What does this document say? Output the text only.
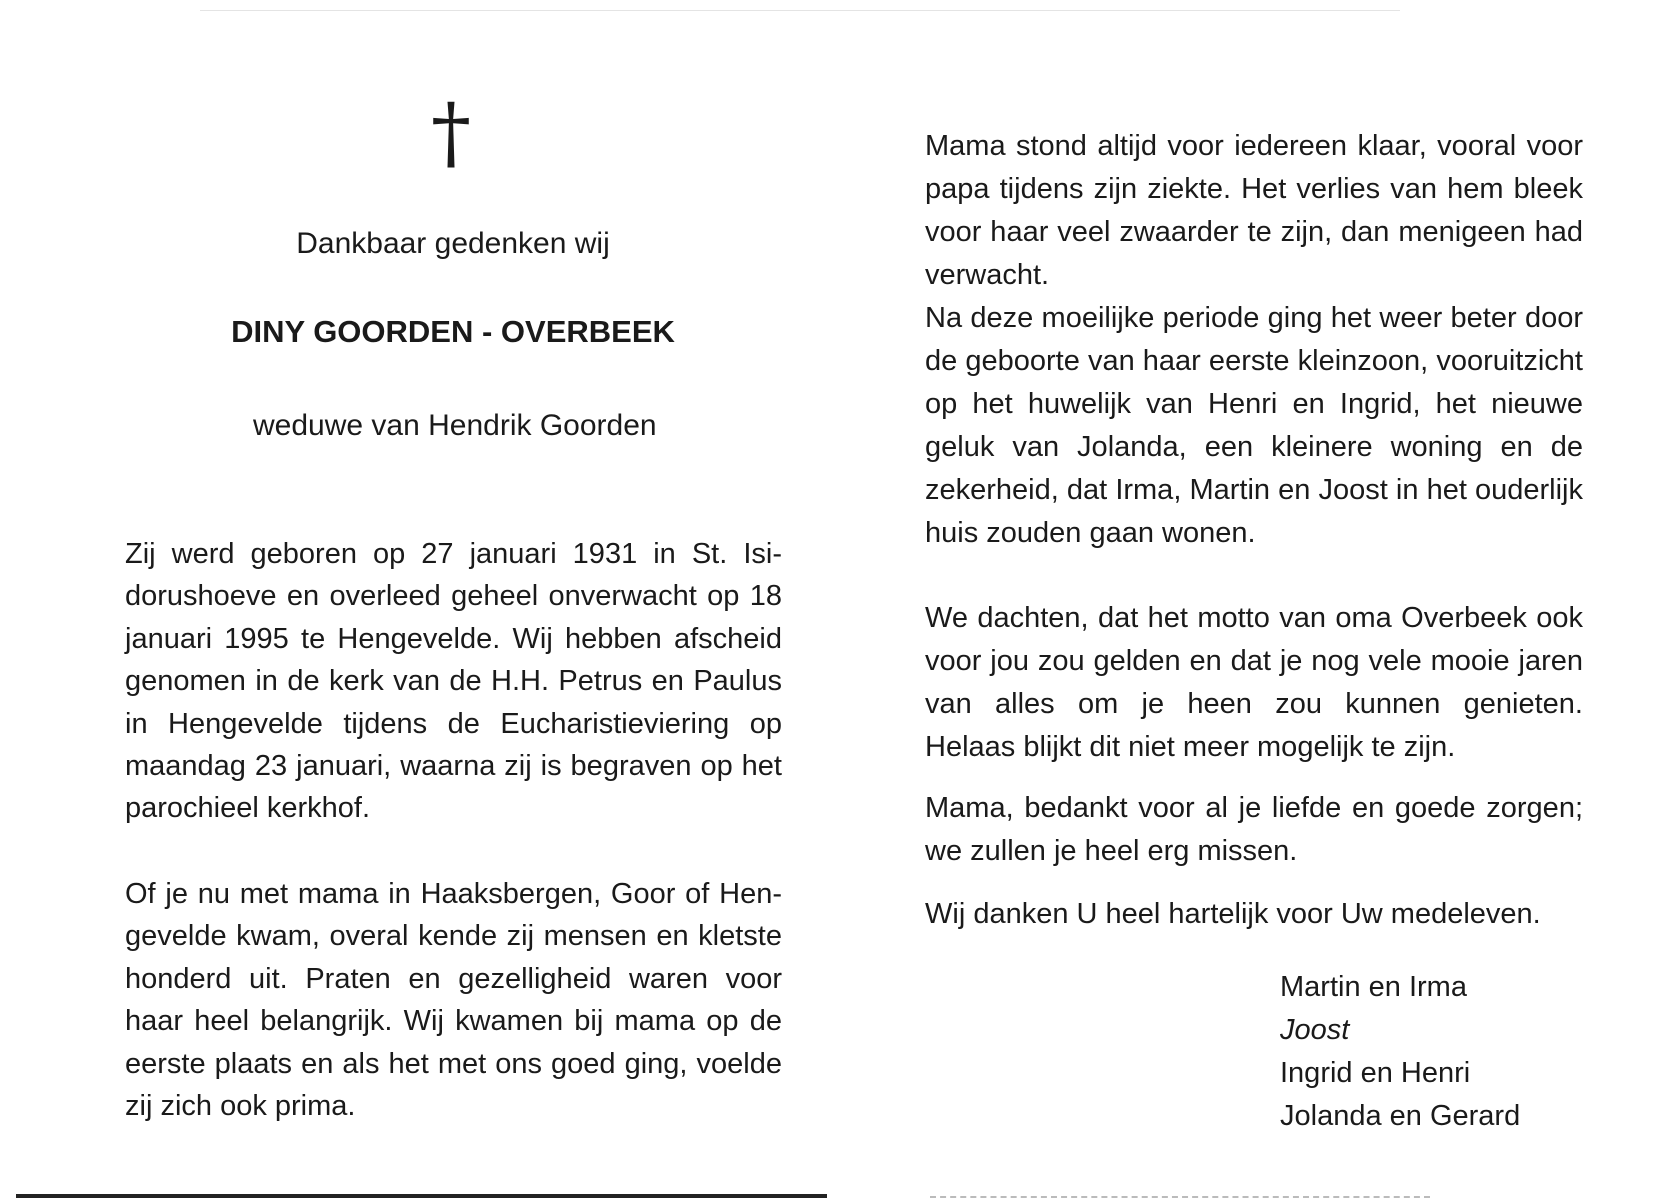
†
Dankbaar gedenken wij
DINY GOORDEN - OVERBEEK
weduwe van Hendrik Goorden
Zij werd geboren op 27 januari 1931 in St. Isi-
dorushoeve en overleed geheel onverwacht op 18
januari 1995 te Hengevelde. Wij hebben afscheid
genomen in de kerk van de H.H. Petrus en Paulus
in Hengevelde tijdens de Eucharistieviering op
maandag 23 januari, waarna zij is begraven op het
parochieel kerkhof.
Of je nu met mama in Haaksbergen, Goor of Hen-
gevelde kwam, overal kende zij mensen en kletste
honderd uit. Praten en gezelligheid waren voor
haar heel belangrijk. Wij kwamen bij mama op de
eerste plaats en als het met ons goed ging, voelde
zij zich ook prima.
Mama stond altijd voor iedereen klaar, vooral voor
papa tijdens zijn ziekte. Het verlies van hem bleek
voor haar veel zwaarder te zijn, dan menigeen had
verwacht.
Na deze moeilijke periode ging het weer beter door
de geboorte van haar eerste kleinzoon, vooruitzicht
op het huwelijk van Henri en Ingrid, het nieuwe
geluk van Jolanda, een kleinere woning en de
zekerheid, dat Irma, Martin en Joost in het ouderlijk
huis zouden gaan wonen.
We dachten, dat het motto van oma Overbeek ook
voor jou zou gelden en dat je nog vele mooie jaren
van alles om je heen zou kunnen genieten.
Helaas blijkt dit niet meer mogelijk te zijn.
Mama, bedankt voor al je liefde en goede zorgen;
we zullen je heel erg missen.
Wij danken U heel hartelijk voor Uw medeleven.
Martin en Irma
Joost
Ingrid en Henri
Jolanda en Gerard
